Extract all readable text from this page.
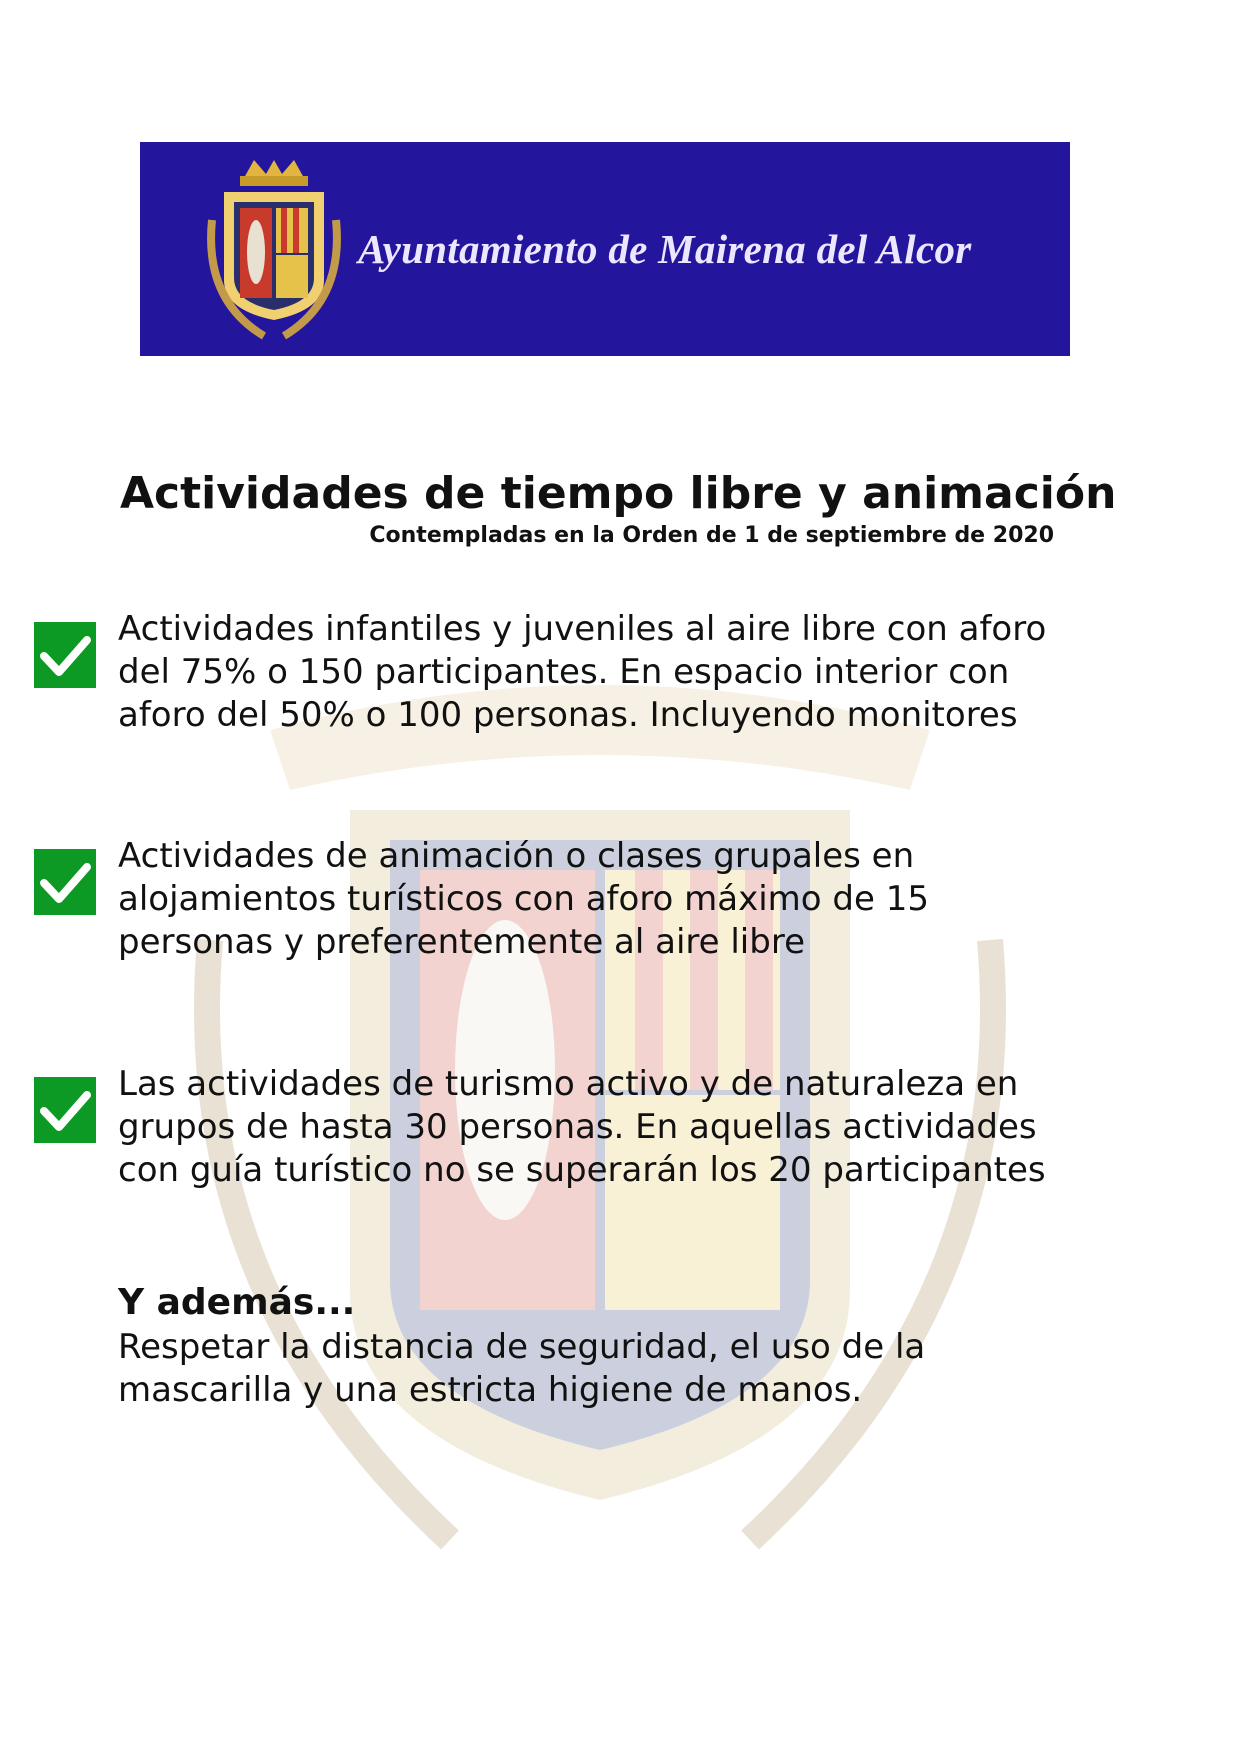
Ayuntamiento de Mairena del Alcor
Actividades de tiempo libre y animación

Contempladas en la Orden de 1 de septiembre de 2020

Actividades infantiles y juveniles al aire libre con aforo
del 75% o 150 participantes. En espacio interior con
aforo del 50% o 100 personas. Incluyendo monitores

Actividades de animación o clases grupales en
alojamientos turísticos con aforo máximo de 15
personas y preferentemente al aire libre

Las actividades de turismo activo y de naturaleza en
grupos de hasta 30 personas. En aquellas actividades
con guía turístico no se superarán los 20 participantes

Y además...

Respetar la distancia de seguridad, el uso de la
mascarilla y una estricta higiene de manos.
